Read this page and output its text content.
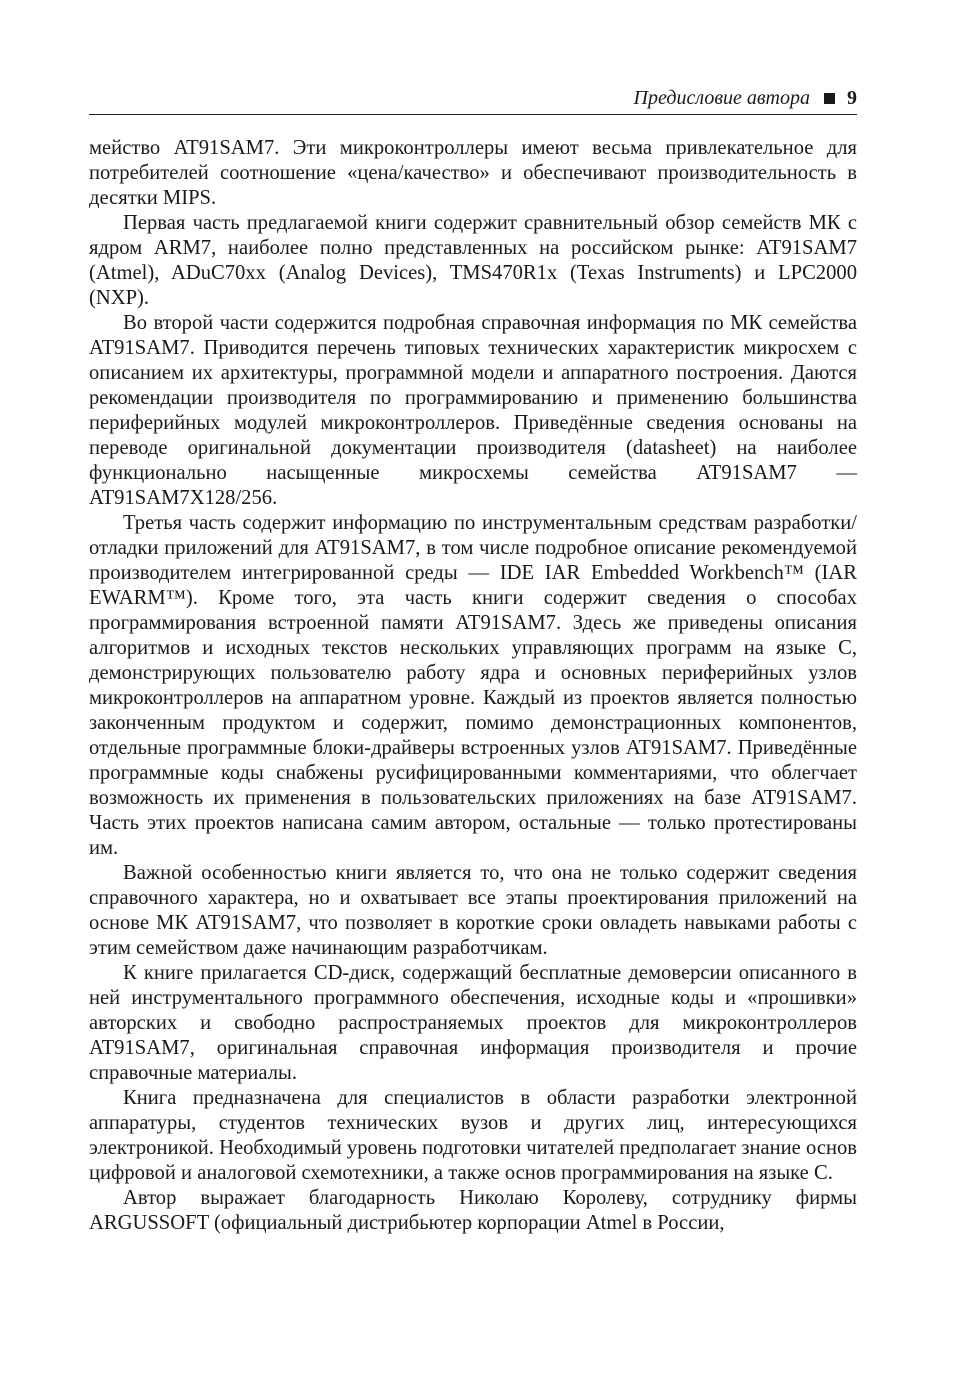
Предисловие автора 9

мейство AT91SAM7. Эти микроконтроллеры имеют весьма привлекательное для потребителей соотношение «цена/качество» и обеспечивают производительность в десятки MIPS.

Первая часть предлагаемой книги содержит сравнительный обзор семейств МК с ядром ARM7, наиболее полно представленных на российском рынке: AT91SAM7 (Atmel), ADuC70xx (Analog Devices), TMS470R1x (Texas Instruments) и LPC2000 (NXP).

Во второй части содержится подробная справочная информация по МК семейства AT91SAM7. Приводится перечень типовых технических характеристик микросхем с описанием их архитектуры, программной модели и аппаратного построения. Даются рекомендации производителя по программированию и применению большинства периферийных модулей микроконтроллеров. Приведённые сведения основаны на переводе оригинальной документации производителя (datasheet) на наиболее функционально насыщенные микросхемы семейства AT91SAM7 — AT91SAM7X128/256.

Третья часть содержит информацию по инструментальным средствам разработки/отладки приложений для AT91SAM7, в том числе подробное описание рекомендуемой производителем интегрированной среды — IDE IAR Embedded Workbench™ (IAR EWARM™). Кроме того, эта часть книги содержит сведения о способах программирования встроенной памяти AT91SAM7. Здесь же приведены описания алгоритмов и исходных текстов нескольких управляющих программ на языке С, демонстрирующих пользователю работу ядра и основных периферийных узлов микроконтроллеров на аппаратном уровне. Каждый из проектов является полностью законченным продуктом и содержит, помимо демонстрационных компонентов, отдельные программные блоки-драйверы встроенных узлов AT91SAM7. Приведённые программные коды снабжены русифицированными комментариями, что облегчает возможность их применения в пользовательских приложениях на базе AT91SAM7. Часть этих проектов написана самим автором, остальные — только протестированы им.

Важной особенностью книги является то, что она не только содержит сведения справочного характера, но и охватывает все этапы проектирования приложений на основе МК AT91SAM7, что позволяет в короткие сроки овладеть навыками работы с этим семейством даже начинающим разработчикам.

К книге прилагается CD-диск, содержащий бесплатные демоверсии описанного в ней инструментального программного обеспечения, исходные коды и «прошивки» авторских и свободно распространяемых проектов для микроконтроллеров AT91SAM7, оригинальная справочная информация производителя и прочие справочные материалы.

Книга предназначена для специалистов в области разработки электронной аппаратуры, студентов технических вузов и других лиц, интересующихся электроникой. Необходимый уровень подготовки читателей предполагает знание основ цифровой и аналоговой схемотехники, а также основ программирования на языке С.

Автор выражает благодарность Николаю Королеву, сотруднику фирмы ARGUSSOFT (официальный дистрибьютер корпорации Atmel в России,
